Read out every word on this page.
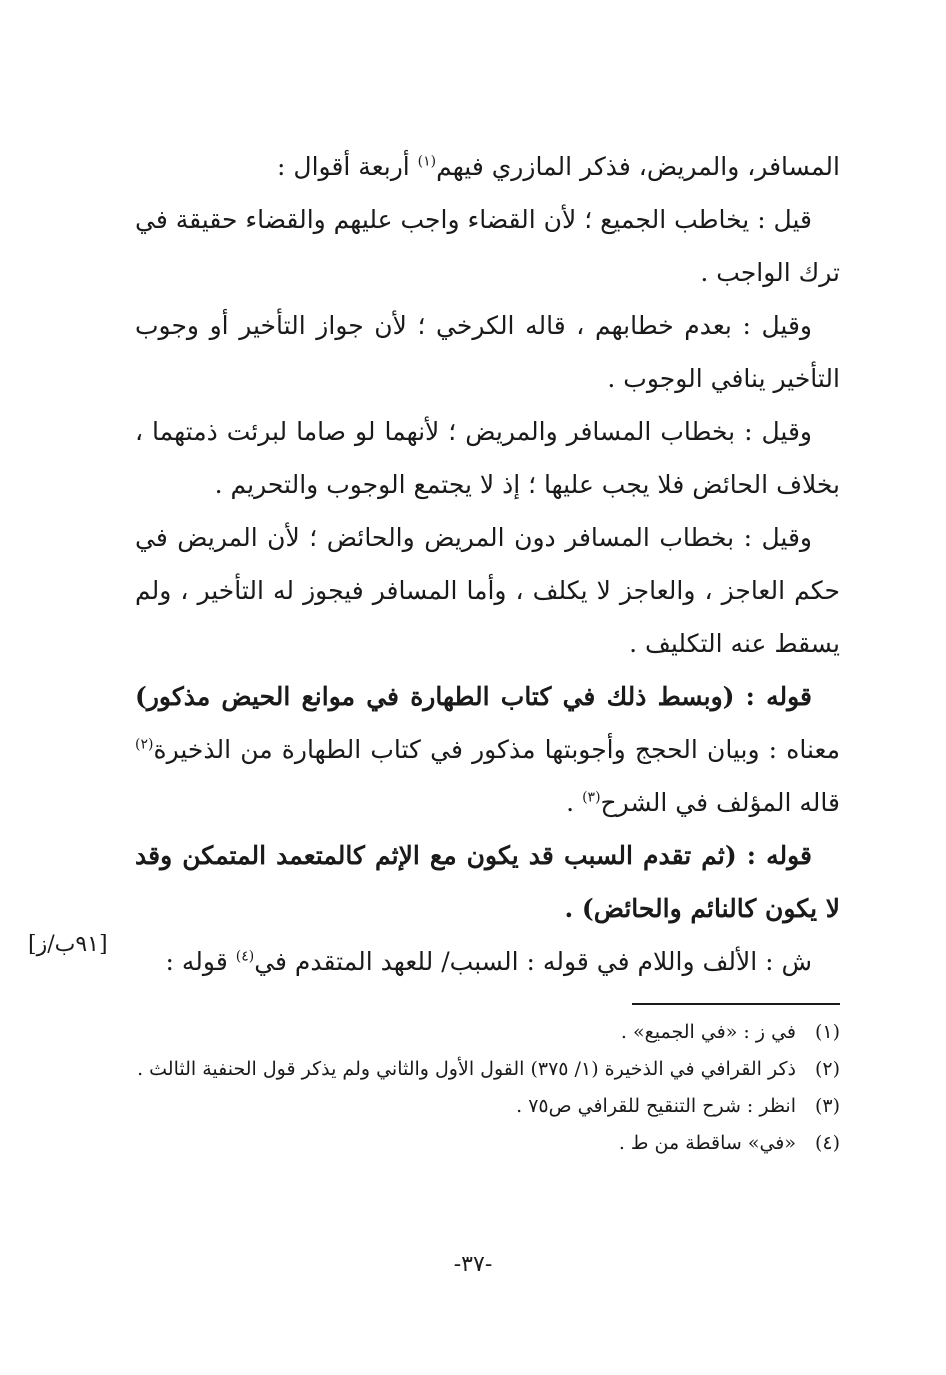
المسافر، والمريض، فذكر المازري فيهم$^{(١)}$ أربعة أقوال :

قيل : يخاطب الجميع ؛ لأن القضاء واجب عليهم والقضاء حقيقة في ترك الواجب .

وقيل : بعدم خطابهم ، قاله الكرخي ؛ لأن جواز التأخير أو وجوب التأخير ينافي الوجوب .

وقيل : بخطاب المسافر والمريض ؛ لأنهما لو صاما لبرئت ذمتهما ، بخلاف الحائض فلا يجب عليها ؛ إذ لا يجتمع الوجوب والتحريم .

وقيل : بخطاب المسافر دون المريض والحائض ؛ لأن المريض في حكم العاجز ، والعاجز لا يكلف ، وأما المسافر فيجوز له التأخير ، ولم يسقط عنه التكليف .

قوله : (وبسط ذلك في كتاب الطهارة في موانع الحيض مذكور) معناه : وبيان الحجج وأجوبتها مذكور في كتاب الطهارة من الذخيرة$^{(٢)}$ قاله المؤلف في الشرح$^{(٣)}$ .

قوله : (ثم تقدم السبب قد يكون مع الإثم كالمتعمد المتمكن وقد لا يكون كالنائم والحائض) .

ش : الألف واللام في قوله : السبب/ للعهد المتقدم في$^{(٤)}$ قوله :

[٩١ب/ز]
(١)
في ز : «في الجميع» .
(٢)
ذكر القرافي في الذخيرة (١/ ٣٧٥) القول الأول والثاني ولم يذكر قول الحنفية الثالث .
(٣)
انظر : شرح التنقيح للقرافي ص٧٥ .
(٤)
«في» ساقطة من ط .
-٣٧-
